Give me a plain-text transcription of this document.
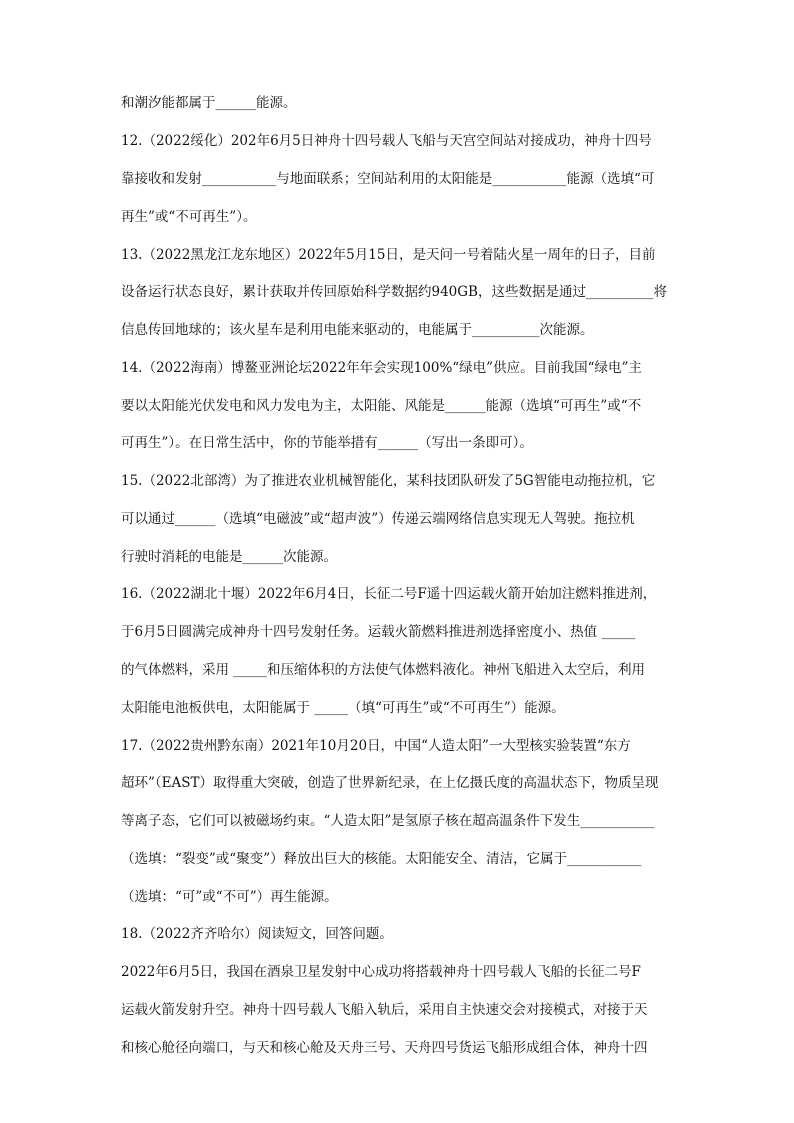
和潮汐能都属于______能源。
12.（2022绥化）202年6月5日神舟十四号载人飞船与天宫空间站对接成功，神舟十四号
靠接收和发射___________与地面联系；空间站利用的太阳能是___________能源（选填“可
再生”或“不可再生”）。
13.（2022黑龙江龙东地区）2022年5月15日，是天问一号着陆火星一周年的日子，目前
设备运行状态良好，累计获取并传回原始科学数据约940GB，这些数据是通过__________将
信息传回地球的；该火星车是利用电能来驱动的，电能属于__________次能源。
14.（2022海南）博鳌亚洲论坛2022年年会实现100%“绿电”供应。目前我国“绿电”主
要以太阳能光伏发电和风力发电为主，太阳能、风能是______能源（选填“可再生”或“不
可再生”）。在日常生活中，你的节能举措有______（写出一条即可）。
15.（2022北部湾）为了推进农业机械智能化，某科技团队研发了5G智能电动拖拉机，它
可以通过______（选填“电磁波”或“超声波”）传递云端网络信息实现无人驾驶。拖拉机
行驶时消耗的电能是______次能源。
16.（2022湖北十堰）2022年6月4日，长征二号F遥十四运载火箭开始加注燃料推进剂，
于6月5日圆满完成神舟十四号发射任务。运载火箭燃料推进剂选择密度小、热值 _____
的气体燃料，采用 _____和压缩体积的方法使气体燃料液化。神州飞船进入太空后，利用
太阳能电池板供电，太阳能属于 _____（填“可再生”或“不可再生”）能源。
17.（2022贵州黔东南）2021年10月20日，中国“人造太阳”一大型核实验装置“东方
超环”（EAST）取得重大突破，创造了世界新纪录，在上亿摄氏度的高温状态下，物质呈现
等离子态，它们可以被磁场约束。“人造太阳”是氢原子核在超高温条件下发生___________
（选填：“裂变”或“聚变”）释放出巨大的核能。太阳能安全、清洁，它属于___________
（选填：“可”或“不可”）再生能源。
18.（2022齐齐哈尔）阅读短文，回答问题。
2022年6月5日，我国在酒泉卫星发射中心成功将搭载神舟十四号载人飞船的长征二号F
运载火箭发射升空。神舟十四号载人飞船入轨后，采用自主快速交会对接模式，对接于天
和核心舱径向端口，与天和核心舱及天舟三号、天舟四号货运飞船形成组合体，神舟十四
